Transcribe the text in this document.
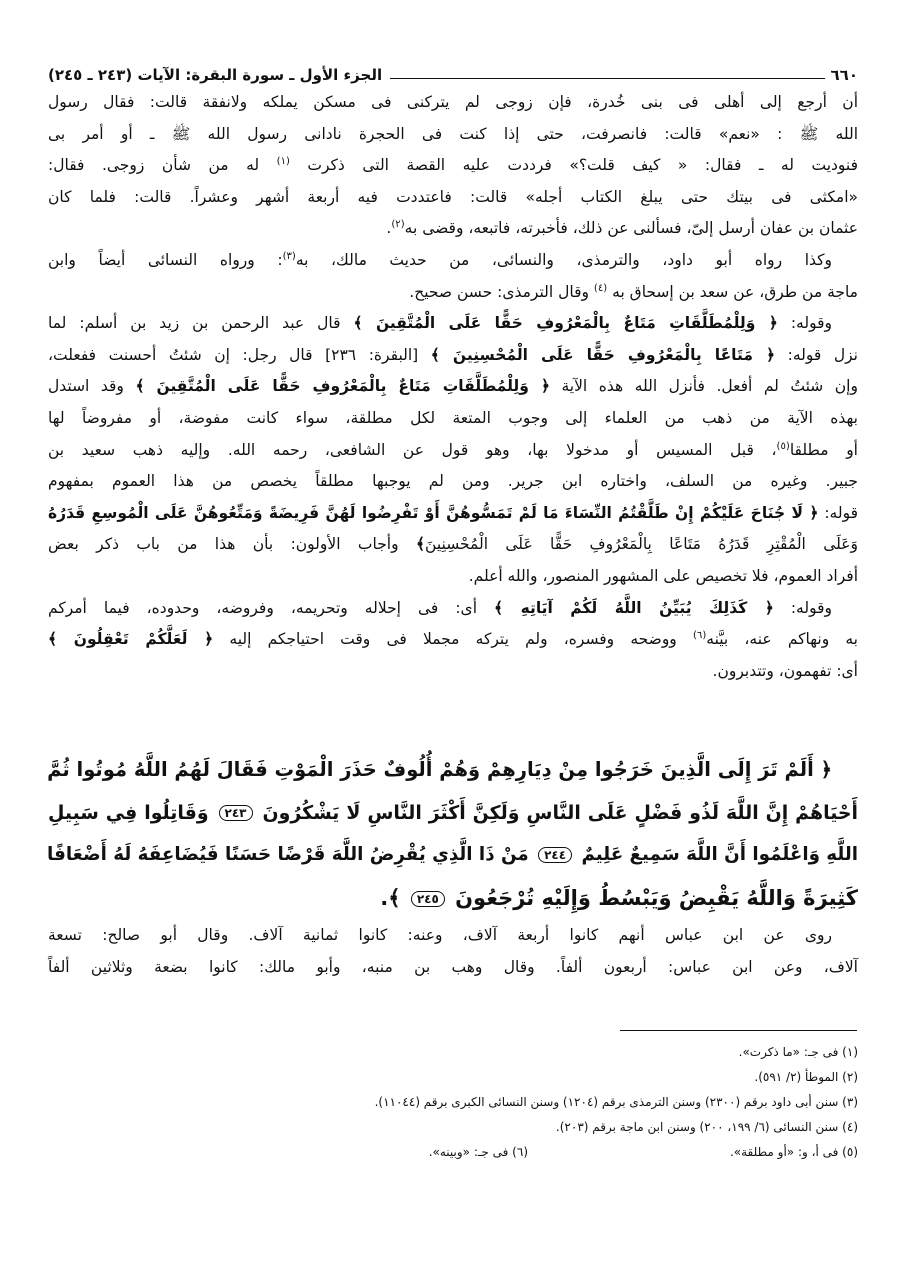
٦٦٠
الجزء الأول ـ سورة البقرة: الآيات (٢٤٣ ـ ٢٤٥)
أن أرجع إلى أهلى فى بنى خُدرة، فإن زوجى لم يتركنى فى مسكن يملكه ولانفقة قالت: فقال رسول
الله ﷺ : «نعم» قالت: فانصرفت، حتى إذا كنت فى الحجرة نادانى رسول الله ﷺ ـ أو أمر بى
فنوديت له ـ فقال: « كيف قلت؟» فرددت عليه القصة التى ذكرت $^{(١)}$ له من شأن زوجى. فقال:
«امكثى فى بيتك حتى يبلغ الكتاب أجله» قالت: فاعتددت فيه أربعة أشهر وعشراً. قالت: فلما كان
عثمان بن عفان أرسل إلىّ، فسألنى عن ذلك، فأخبرته، فاتبعه، وقضى به$^{(٢)}$.
وكذا رواه أبو داود، والترمذى، والنسائى، من حديث مالك، به$^{(٣)}$: ورواه النسائى أيضاً وابن
ماجة من طرق، عن سعد بن إسحاق به $^{(٤)}$ وقال الترمذى: حسن صحيح.
وقوله: ﴿ وَلِلْمُطَلَّقَاتِ مَتَاعٌ بِالْمَعْرُوفِ حَقًّا عَلَى الْمُتَّقِينَ ﴾ قال عبد الرحمن بن زيد بن أسلم: لما
نزل قوله: ﴿ مَتَاعًا بِالْمَعْرُوفِ حَقًّا عَلَى الْمُحْسِنِينَ ﴾ [البقرة: ٢٣٦] قال رجل: إن شئتُ أحسنت ففعلت،
وإن شئتُ لم أفعل. فأنزل الله هذه الآية ﴿ وَلِلْمُطَلَّقَاتِ مَتَاعٌ بِالْمَعْرُوفِ حَقًّا عَلَى الْمُتَّقِينَ ﴾ وقد استدل
بهذه الآية من ذهب من العلماء إلى وجوب المتعة لكل مطلقة، سواء كانت مفوضة، أو مفروضاً لها
أو مطلقا$^{(٥)}$، قبل المسيس أو مدخولا بها، وهو قول عن الشافعى، رحمه الله. وإليه ذهب سعيد بن
جبير. وغيره من السلف، واختاره ابن جرير. ومن لم يوجبها مطلقاً يخصص من هذا العموم بمفهوم
قوله: ﴿ لَا جُنَاحَ عَلَيْكُمْ إِنْ طَلَّقْتُمُ النِّسَاءَ مَا لَمْ تَمَسُّوهُنَّ أَوْ تَفْرِضُوا لَهُنَّ فَرِيضَةً وَمَتِّعُوهُنَّ عَلَى الْمُوسِعِ قَدَرُهُ
وَعَلَى الْمُقْتِرِ قَدَرُهُ مَتَاعًا بِالْمَعْرُوفِ حَقًّا عَلَى الْمُحْسِنِينَ﴾ وأجاب الأولون: بأن هذا من باب ذكر بعض
أفراد العموم، فلا تخصيص على المشهور المنصور، والله أعلم.
وقوله: ﴿ كَذَلِكَ يُبَيِّنُ اللَّهُ لَكُمْ آيَاتِهِ ﴾ أى: فى إحلاله وتحريمه، وفروضه، وحدوده، فيما أمركم
به ونهاكم عنه، بيَّنه$^{(٦)}$ ووضحه وفسره، ولم يتركه مجملا فى وقت احتياجكم إليه ﴿ لَعَلَّكُمْ تَعْقِلُونَ ﴾
أى: تفهمون، وتتدبرون.
﴿ أَلَمْ تَرَ إِلَى الَّذِينَ خَرَجُوا مِنْ دِيَارِهِمْ وَهُمْ أُلُوفٌ حَذَرَ الْمَوْتِ فَقَالَ لَهُمُ اللَّهُ مُوتُوا ثُمَّ
أَحْيَاهُمْ إِنَّ اللَّهَ لَذُو فَضْلٍ عَلَى النَّاسِ وَلَكِنَّ أَكْثَرَ النَّاسِ لَا يَشْكُرُونَ ٢٤٣ وَقَاتِلُوا فِي سَبِيلِ
اللَّهِ وَاعْلَمُوا أَنَّ اللَّهَ سَمِيعٌ عَلِيمٌ ٢٤٤ مَنْ ذَا الَّذِي يُقْرِضُ اللَّهَ قَرْضًا حَسَنًا فَيُضَاعِفَهُ لَهُ أَضْعَافًا
كَثِيرَةً وَاللَّهُ يَقْبِضُ وَيَبْسُطُ وَإِلَيْهِ تُرْجَعُونَ ٢٤٥ ﴾.
روى عن ابن عباس أنهم كانوا أربعة آلاف، وعنه: كانوا ثمانية آلاف. وقال أبو صالح: تسعة
آلاف، وعن ابن عباس: أربعون ألفاً. وقال وهب بن منبه، وأبو مالك: كانوا بضعة وثلاثين ألفاً
(١) فى جـ: «ما ذكرت».
(٢) الموطأ (٢/ ٥٩١).
(٣) سنن أبى داود برقم (٢٣٠٠) وسنن الترمذى برقم (١٢٠٤) وسنن النسائى الكبرى برقم (١١٠٤٤).
(٤) سنن النسائى (٦/ ١٩٩، ٢٠٠) وسنن ابن ماجة برقم (٢٠٣).
(٥) فى أ، و: «أو مطلقة».
(٦) فى جـ: «وبينه».
